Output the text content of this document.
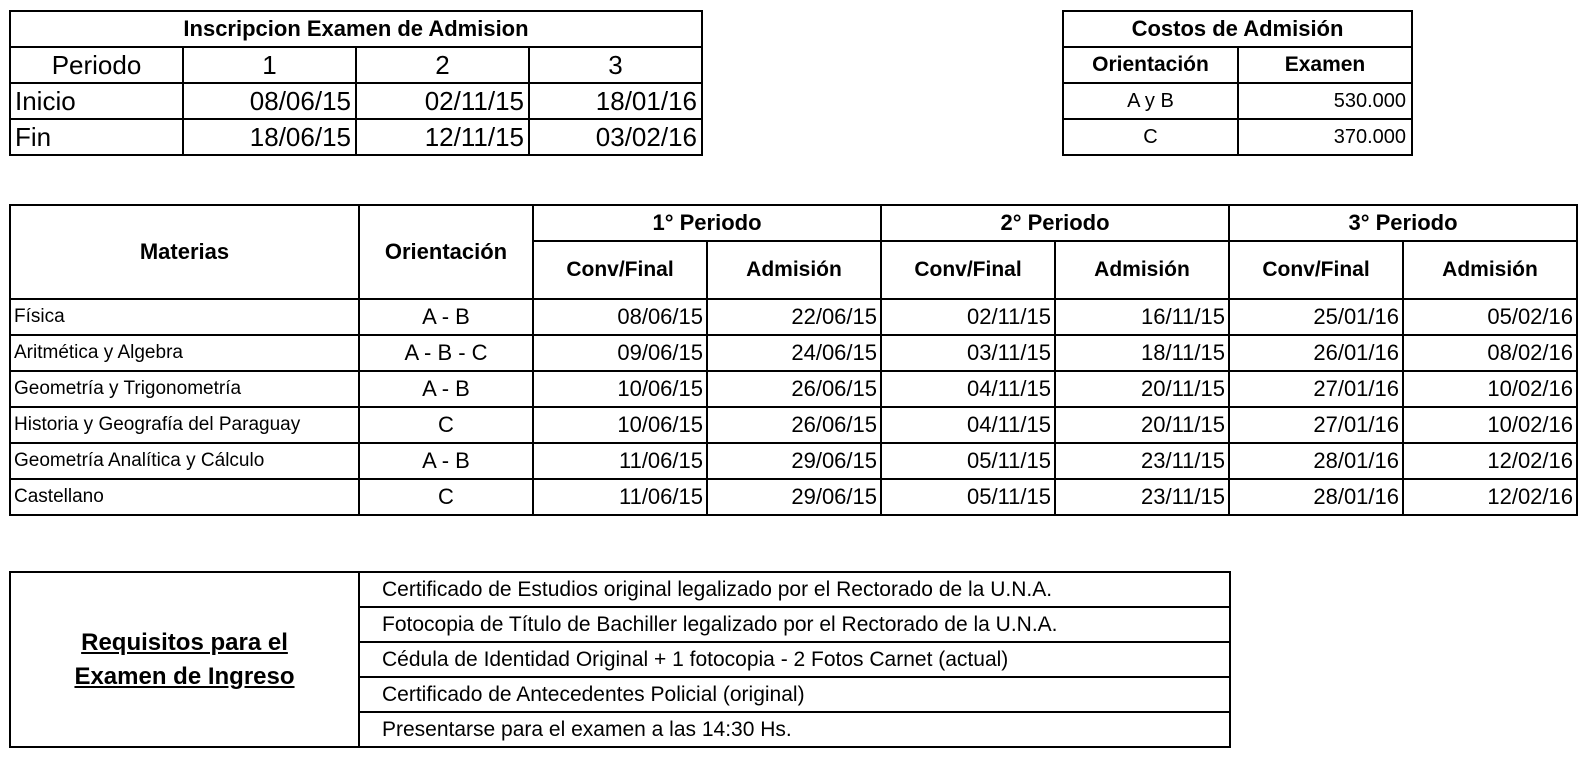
Inscripcion Examen de Admision			
Periodo	1	2	3
Inicio	08/06/15	02/11/15	18/01/16
Fin	18/06/15	12/11/15	03/02/16
Costos de Admisión	
Orientación	Examen
A y B	530.000
C	370.000
Materias	Orientación	1° Periodo		2° Periodo		3° Periodo	
		Conv/Final	Admisión	Conv/Final	Admisión	Conv/Final	Admisión
Física	A - B	08/06/15	22/06/15	02/11/15	16/11/15	25/01/16	05/02/16
Aritmética y Algebra	A - B - C	09/06/15	24/06/15	03/11/15	18/11/15	26/01/16	08/02/16
Geometría y Trigonometría	A - B	10/06/15	26/06/15	04/11/15	20/11/15	27/01/16	10/02/16
Historia y Geografía del Paraguay	C	10/06/15	26/06/15	04/11/15	20/11/15	27/01/16	10/02/16
Geometría Analítica y Cálculo	A - B	11/06/15	29/06/15	05/11/15	23/11/15	28/01/16	12/02/16
Castellano	C	11/06/15	29/06/15	05/11/15	23/11/15	28/01/16	12/02/16
Requisitos para el
Examen de Ingreso	Certificado de Estudios original legalizado por el Rectorado de la U.N.A.
Fotocopia de Título de Bachiller legalizado por el Rectorado de la U.N.A.
Cédula de Identidad Original + 1 fotocopia - 2 Fotos Carnet (actual)
Certificado de Antecedentes Policial (original)
Presentarse para el examen a las 14:30 Hs.
